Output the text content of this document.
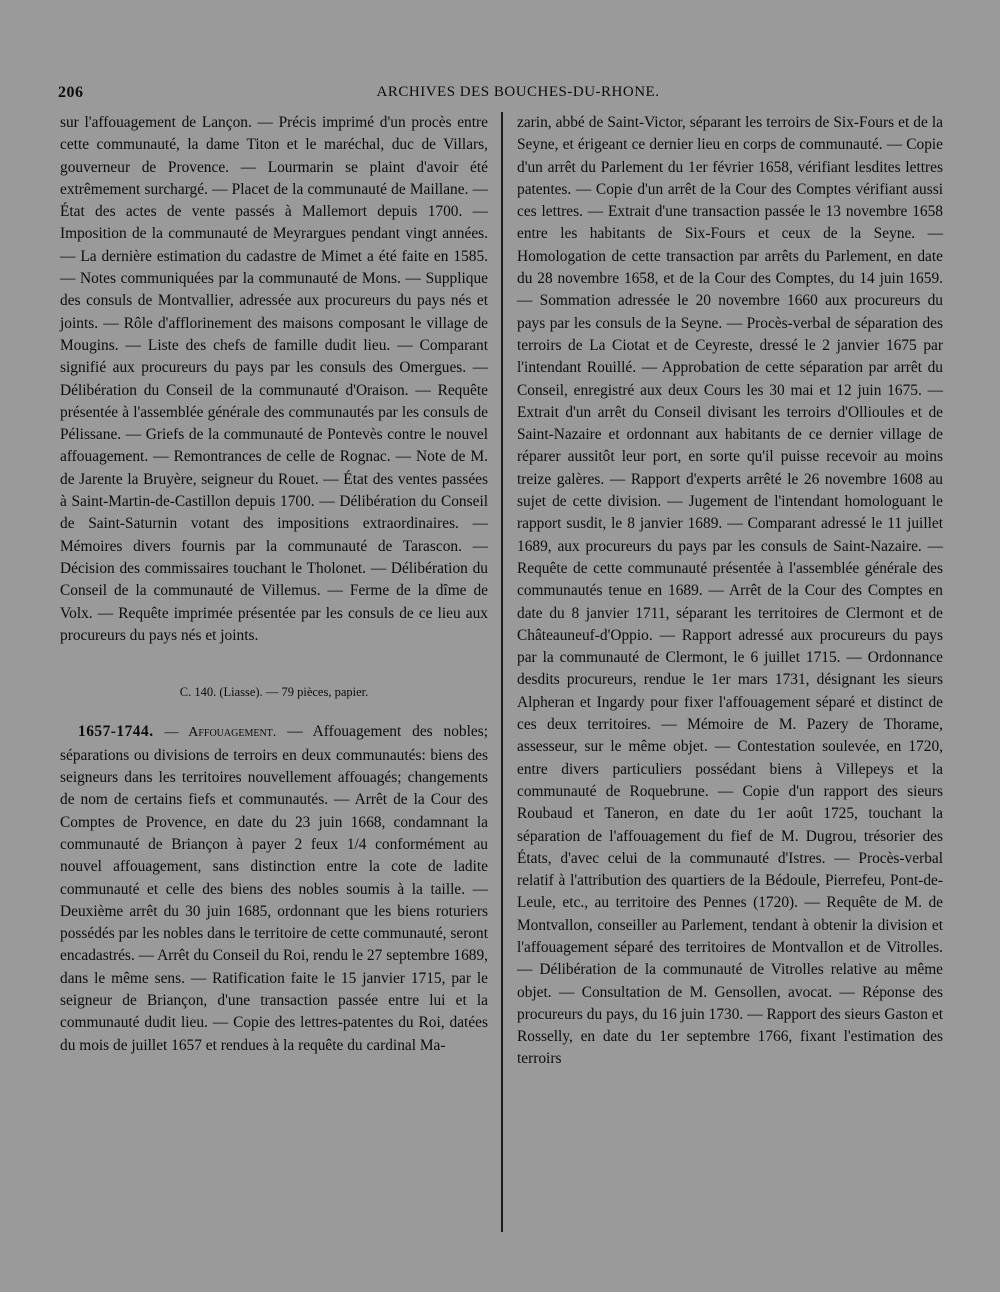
206	ARCHIVES DES BOUCHES-DU-RHONE.

sur l'affouagement de Lançon. — Précis imprimé d'un procès entre cette communauté, la dame Titon et le maréchal, duc de Villars, gouverneur de Provence. — Lourmarin se plaint d'avoir été extrêmement surchargé. — Placet de la communauté de Maillane. — État des actes de vente passés à Mallemort depuis 1700. — Imposition de la communauté de Meyrargues pendant vingt années. — La dernière estimation du cadastre de Mimet a été faite en 1585. — Notes communiquées par la communauté de Mons. — Supplique des consuls de Montvallier, adressée aux procureurs du pays nés et joints. — Rôle d'afflorinement des maisons composant le village de Mougins. — Liste des chefs de famille dudit lieu. — Comparant signifié aux procureurs du pays par les consuls des Omergues. — Délibération du Conseil de la communauté d'Oraison. — Requête présentée à l'assemblée générale des communautés par les consuls de Pélissane. — Griefs de la communauté de Pontevès contre le nouvel affouagement. — Remontrances de celle de Rognac. — Note de M. de Jarente la Bruyère, seigneur du Rouet. — État des ventes passées à Saint-Martin-de-Castillon depuis 1700. — Délibération du Conseil de Saint-Saturnin votant des impositions extraordinaires. — Mémoires divers fournis par la communauté de Tarascon. — Décision des commissaires touchant le Tholonet. — Délibération du Conseil de la communauté de Villemus. — Ferme de la dîme de Volx. — Requête imprimée présentée par les consuls de ce lieu aux procureurs du pays nés et joints.

C. 140. (Liasse). — 79 pièces, papier.

1657-1744. — Affouagement. — Affouagement des nobles; séparations ou divisions de terroirs en deux communautés: biens des seigneurs dans les territoires nouvellement affouagés; changements de nom de certains fiefs et communautés. — Arrêt de la Cour des Comptes de Provence, en date du 23 juin 1668, condamnant la communauté de Briançon à payer 2 feux 1/4 conformément au nouvel affouagement, sans distinction entre la cote de ladite communauté et celle des biens des nobles soumis à la taille. — Deuxième arrêt du 30 juin 1685, ordonnant que les biens roturiers possédés par les nobles dans le territoire de cette communauté, seront encadastrés. — Arrêt du Conseil du Roi, rendu le 27 septembre 1689, dans le même sens. — Ratification faite le 15 janvier 1715, par le seigneur de Briançon, d'une transaction passée entre lui et la communauté dudit lieu. — Copie des lettres-patentes du Roi, datées du mois de juillet 1657 et rendues à la requête du cardinal Ma-

zarin, abbé de Saint-Victor, séparant les terroirs de Six-Fours et de la Seyne, et érigeant ce dernier lieu en corps de communauté. — Copie d'un arrêt du Parlement du 1er février 1658, vérifiant lesdites lettres patentes. — Copie d'un arrêt de la Cour des Comptes vérifiant aussi ces lettres. — Extrait d'une transaction passée le 13 novembre 1658 entre les habitants de Six-Fours et ceux de la Seyne. — Homologation de cette transaction par arrêts du Parlement, en date du 28 novembre 1658, et de la Cour des Comptes, du 14 juin 1659. — Sommation adressée le 20 novembre 1660 aux procureurs du pays par les consuls de la Seyne. — Procès-verbal de séparation des terroirs de La Ciotat et de Ceyreste, dressé le 2 janvier 1675 par l'intendant Rouillé. — Approbation de cette séparation par arrêt du Conseil, enregistré aux deux Cours les 30 mai et 12 juin 1675. — Extrait d'un arrêt du Conseil divisant les terroirs d'Ollioules et de Saint-Nazaire et ordonnant aux habitants de ce dernier village de réparer aussitôt leur port, en sorte qu'il puisse recevoir au moins treize galères. — Rapport d'experts arrêté le 26 novembre 1608 au sujet de cette division. — Jugement de l'intendant homologuant le rapport susdit, le 8 janvier 1689. — Comparant adressé le 11 juillet 1689, aux procureurs du pays par les consuls de Saint-Nazaire. — Requête de cette communauté présentée à l'assemblée générale des communautés tenue en 1689. — Arrêt de la Cour des Comptes en date du 8 janvier 1711, séparant les territoires de Clermont et de Châteauneuf-d'Oppio. — Rapport adressé aux procureurs du pays par la communauté de Clermont, le 6 juillet 1715. — Ordonnance desdits procureurs, rendue le 1er mars 1731, désignant les sieurs Alpheran et Ingardy pour fixer l'affouagement séparé et distinct de ces deux territoires. — Mémoire de M. Pazery de Thorame, assesseur, sur le même objet. — Contestation soulevée, en 1720, entre divers particuliers possédant biens à Villepeys et la communauté de Roquebrune. — Copie d'un rapport des sieurs Roubaud et Taneron, en date du 1er août 1725, touchant la séparation de l'affouagement du fief de M. Dugrou, trésorier des États, d'avec celui de la communauté d'Istres. — Procès-verbal relatif à l'attribution des quartiers de la Bédoule, Pierrefeu, Pont-de-Leule, etc., au territoire des Pennes (1720). — Requête de M. de Montvallon, conseiller au Parlement, tendant à obtenir la division et l'affouagement séparé des territoires de Montvallon et de Vitrolles. — Délibération de la communauté de Vitrolles relative au même objet. — Consultation de M. Gensollen, avocat. — Réponse des procureurs du pays, du 16 juin 1730. — Rapport des sieurs Gaston et Rosselly, en date du 1er septembre 1766, fixant l'estimation des terroirs
